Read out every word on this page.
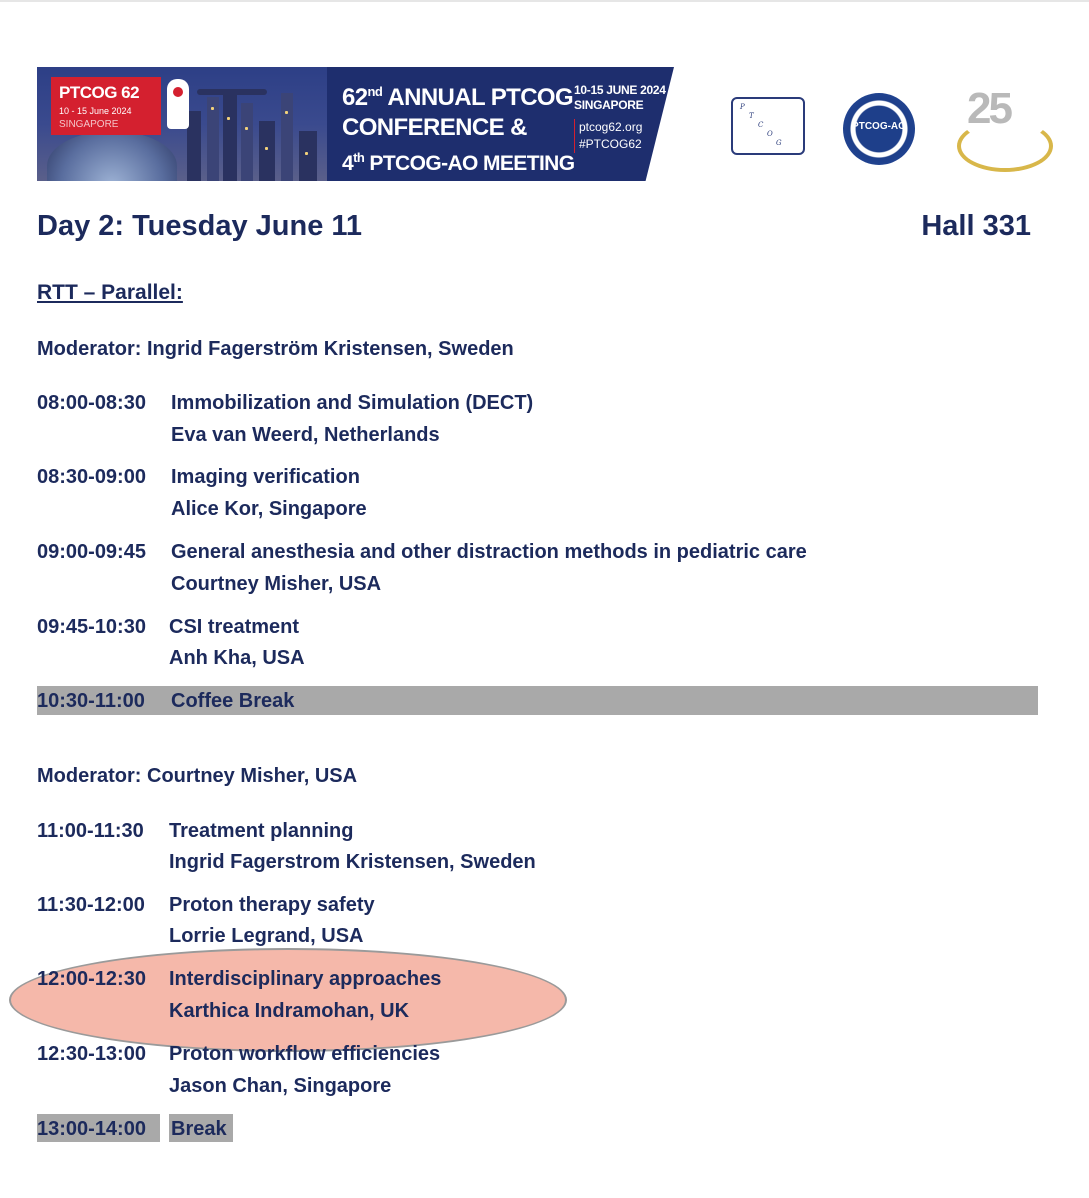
PTCOG 62
10 - 15 June 2024
SINGAPORE
62nd ANNUAL PTCOG
CONFERENCE &
4th PTCOG-AO MEETING
10-15 JUNE 2024
SINGAPORE
ptcog62.org
#PTCOG62
P
T
C
O
G
PTCOG-AO 25
Day 2: Tuesday June 11	Hall 331
RTT – Parallel:
Moderator: Ingrid Fagerström Kristensen, Sweden
08:00-08:30 Immobilization and Simulation (DECT)
Eva van Weerd, Netherlands
08:30-09:00 Imaging verification
Alice Kor, Singapore
09:00-09:45 General anesthesia and other distraction methods in pediatric care
Courtney Misher, USA
09:45-10:30 CSI treatment
Anh Kha, USA
10:30-11:00 Coffee Break
Moderator: Courtney Misher, USA
11:00-11:30 Treatment planning
Ingrid Fagerstrom Kristensen, Sweden
11:30-12:00 Proton therapy safety
Lorrie Legrand, USA
12:00-12:30 Interdisciplinary approaches
Karthica Indramohan, UK
12:30-13:00 Proton workflow efficiencies
Jason Chan, Singapore
13:00-14:00 Break
